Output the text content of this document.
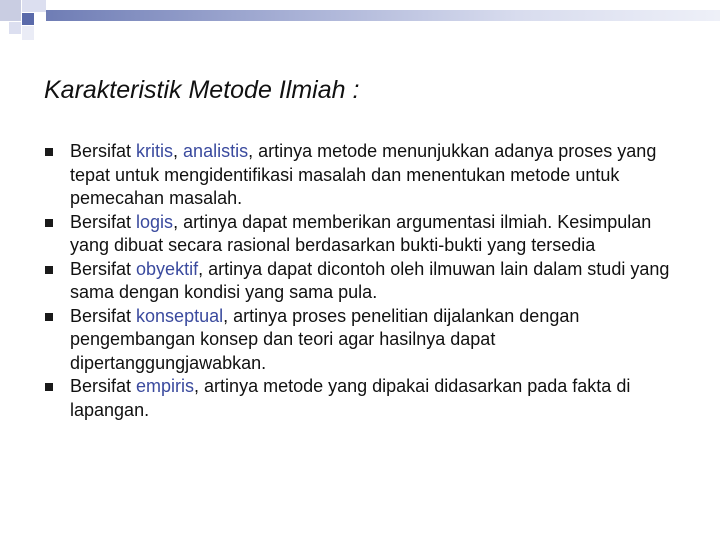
Karakteristik Metode Ilmiah :
Bersifat kritis, analistis, artinya metode menunjukkan adanya proses yang tepat untuk mengidentifikasi masalah dan menentukan metode untuk pemecahan masalah.
Bersifat logis, artinya dapat memberikan argumentasi ilmiah. Kesimpulan yang dibuat secara rasional berdasarkan bukti-bukti yang tersedia
Bersifat obyektif, artinya dapat dicontoh oleh ilmuwan lain dalam studi yang sama dengan kondisi yang sama pula.
Bersifat konseptual, artinya proses penelitian dijalankan dengan pengembangan konsep dan teori agar hasilnya dapat dipertanggungjawabkan.
Bersifat empiris, artinya metode yang dipakai didasarkan pada fakta di lapangan.
